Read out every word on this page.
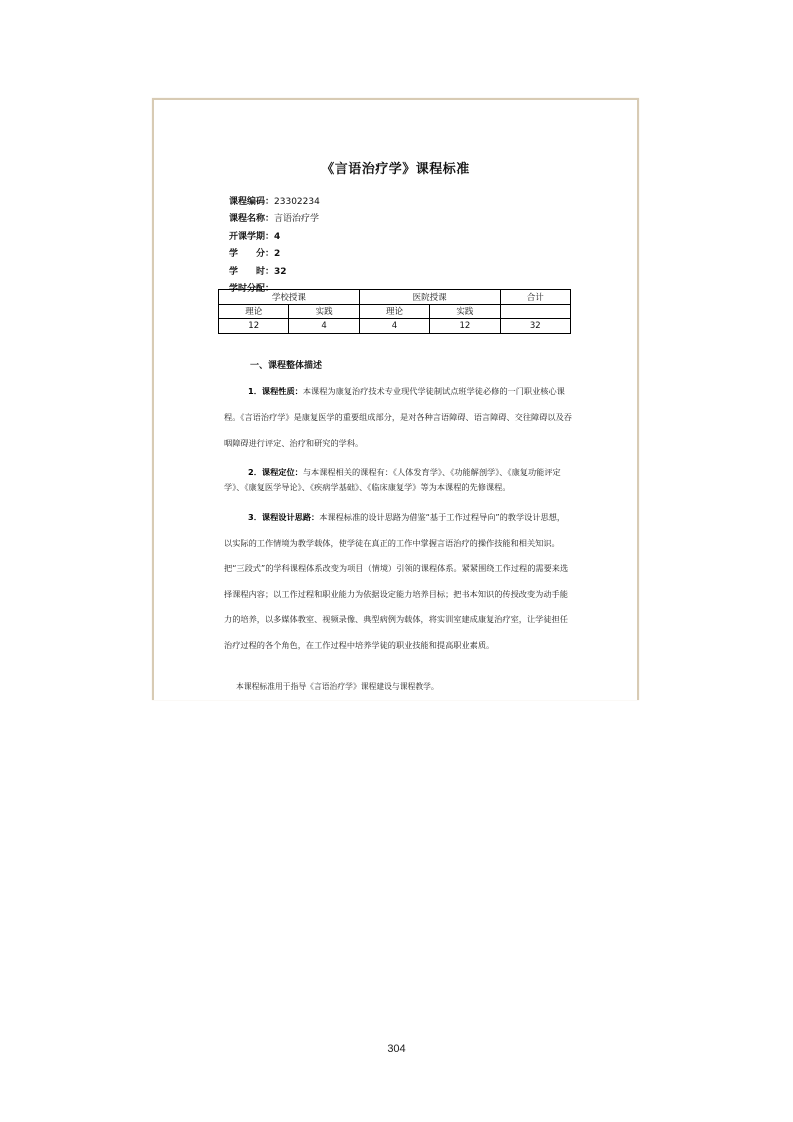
《言语治疗学》课程标准
课程编码：23302234
课程名称：言语治疗学
开课学期：4
学　　分：2
学　　时：32
学时分配：
学校授课		医院授课		合计
理论	实践	理论	实践	
12	4	4	12	32
一、课程整体描述
1．课程性质：本课程为康复治疗技术专业现代学徒制试点班学徒必修的一门职业核心课程。《言语治疗学》是康复医学的重要组成部分，是对各种言语障碍、语言障碍、交往障碍以及吞咽障碍进行评定、治疗和研究的学科。
2．课程定位：与本课程相关的课程有：《人体发育学》、《功能解剖学》、《康复功能评定学》、《康复医学导论》、《疾病学基础》、《临床康复学》等为本课程的先修课程。
3．课程设计思路：本课程标准的设计思路为借鉴“基于工作过程导向”的教学设计思想，以实际的工作情境为教学载体，使学徒在真正的工作中掌握言语治疗的操作技能和相关知识。把“三段式”的学科课程体系改变为项目（情境）引领的课程体系。紧紧围绕工作过程的需要来选择课程内容；以工作过程和职业能力为依据设定能力培养目标；把书本知识的传授改变为动手能力的培养，以多媒体教室、视频录像、典型病例为载体，将实训室建成康复治疗室，让学徒担任治疗过程的各个角色，在工作过程中培养学徒的职业技能和提高职业素质。
本课程标准用于指导《言语治疗学》课程建设与课程教学。
304
